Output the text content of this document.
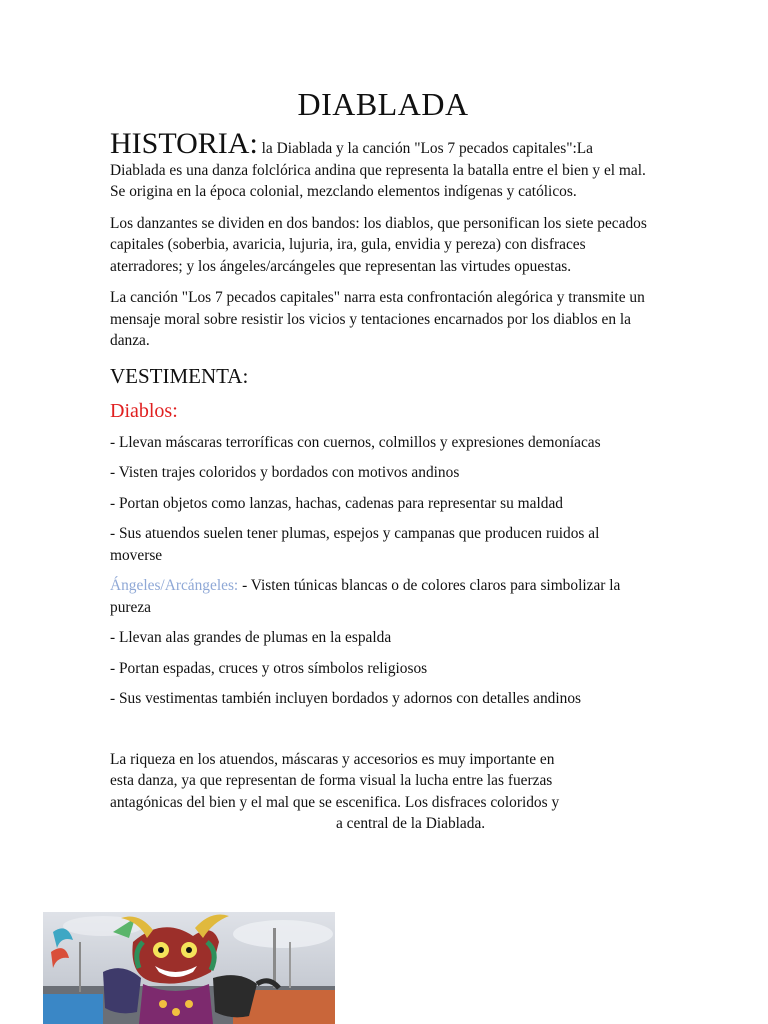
DIABLADA

HISTORIA: la Diablada y la canción "Los 7 pecados capitales":La Diablada es una danza folclórica andina que representa la batalla entre el bien y el mal. Se origina en la época colonial, mezclando elementos indígenas y católicos.

Los danzantes se dividen en dos bandos: los diablos, que personifican los siete pecados capitales (soberbia, avaricia, lujuria, ira, gula, envidia y pereza) con disfraces aterradores; y los ángeles/arcángeles que representan las virtudes opuestas.

La canción "Los 7 pecados capitales" narra esta confrontación alegórica y transmite un mensaje moral sobre resistir los vicios y tentaciones encarnados por los diablos en la danza.

VESTIMENTA:
Diablos:

- Llevan máscaras terroríficas con cuernos, colmillos y expresiones demoníacas

- Visten trajes coloridos y bordados con motivos andinos

- Portan objetos como lanzas, hachas, cadenas para representar su maldad

- Sus atuendos suelen tener plumas, espejos y campanas que producen ruidos al moverse

Ángeles/Arcángeles: - Visten túnicas blancas o de colores claros para simbolizar la pureza

- Llevan alas grandes de plumas en la espalda

- Portan espadas, cruces y otros símbolos religiosos

- Sus vestimentas también incluyen bordados y adornos con detalles andinos

La riqueza en los atuendos, máscaras y accesorios es muy importante en
esta danza, ya que representan de forma visual la lucha entre las fuerzas
antagónicas del bien y el mal que se escenifica. Los disfraces coloridos y
a central de la Diablada.
